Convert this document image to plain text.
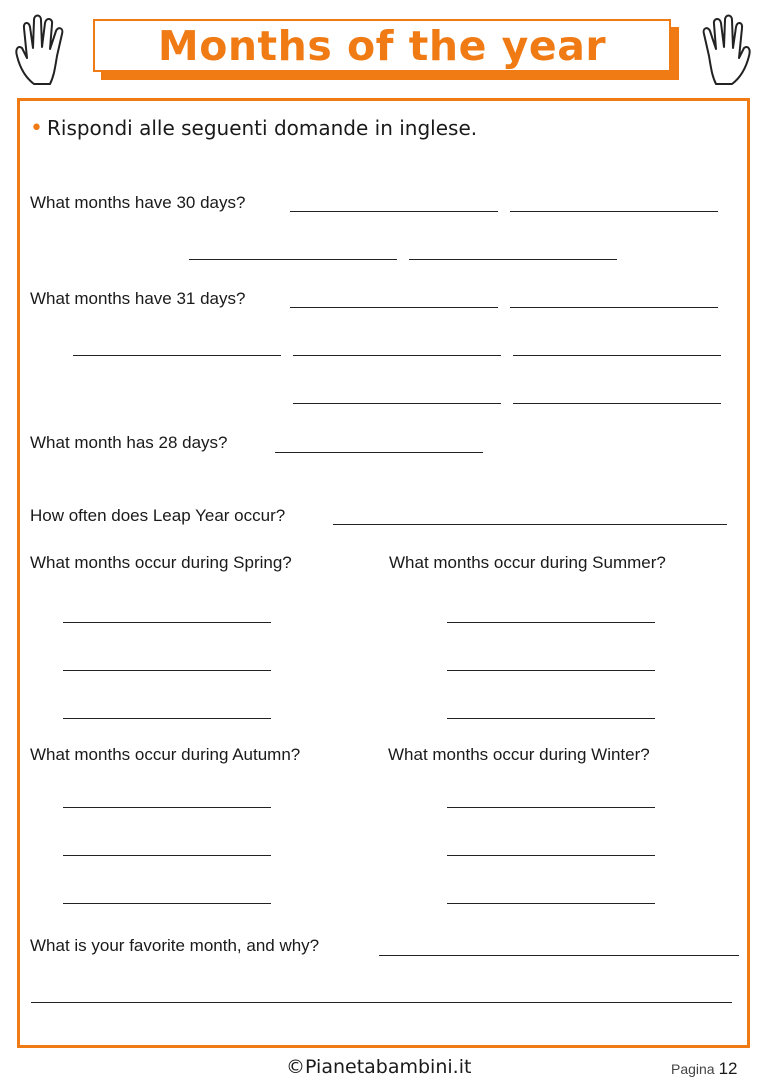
Months of the year
• Rispondi alle seguenti domande in inglese.
What months have 30 days?
What months have 31 days?
What month has 28 days?
How often does Leap Year occur?
What months occur during Spring?	What months occur during Summer?
What months occur during Autumn?	What months occur during Winter?
What is your favorite month, and why?
©Pianetabambini.it	Pagina 12
